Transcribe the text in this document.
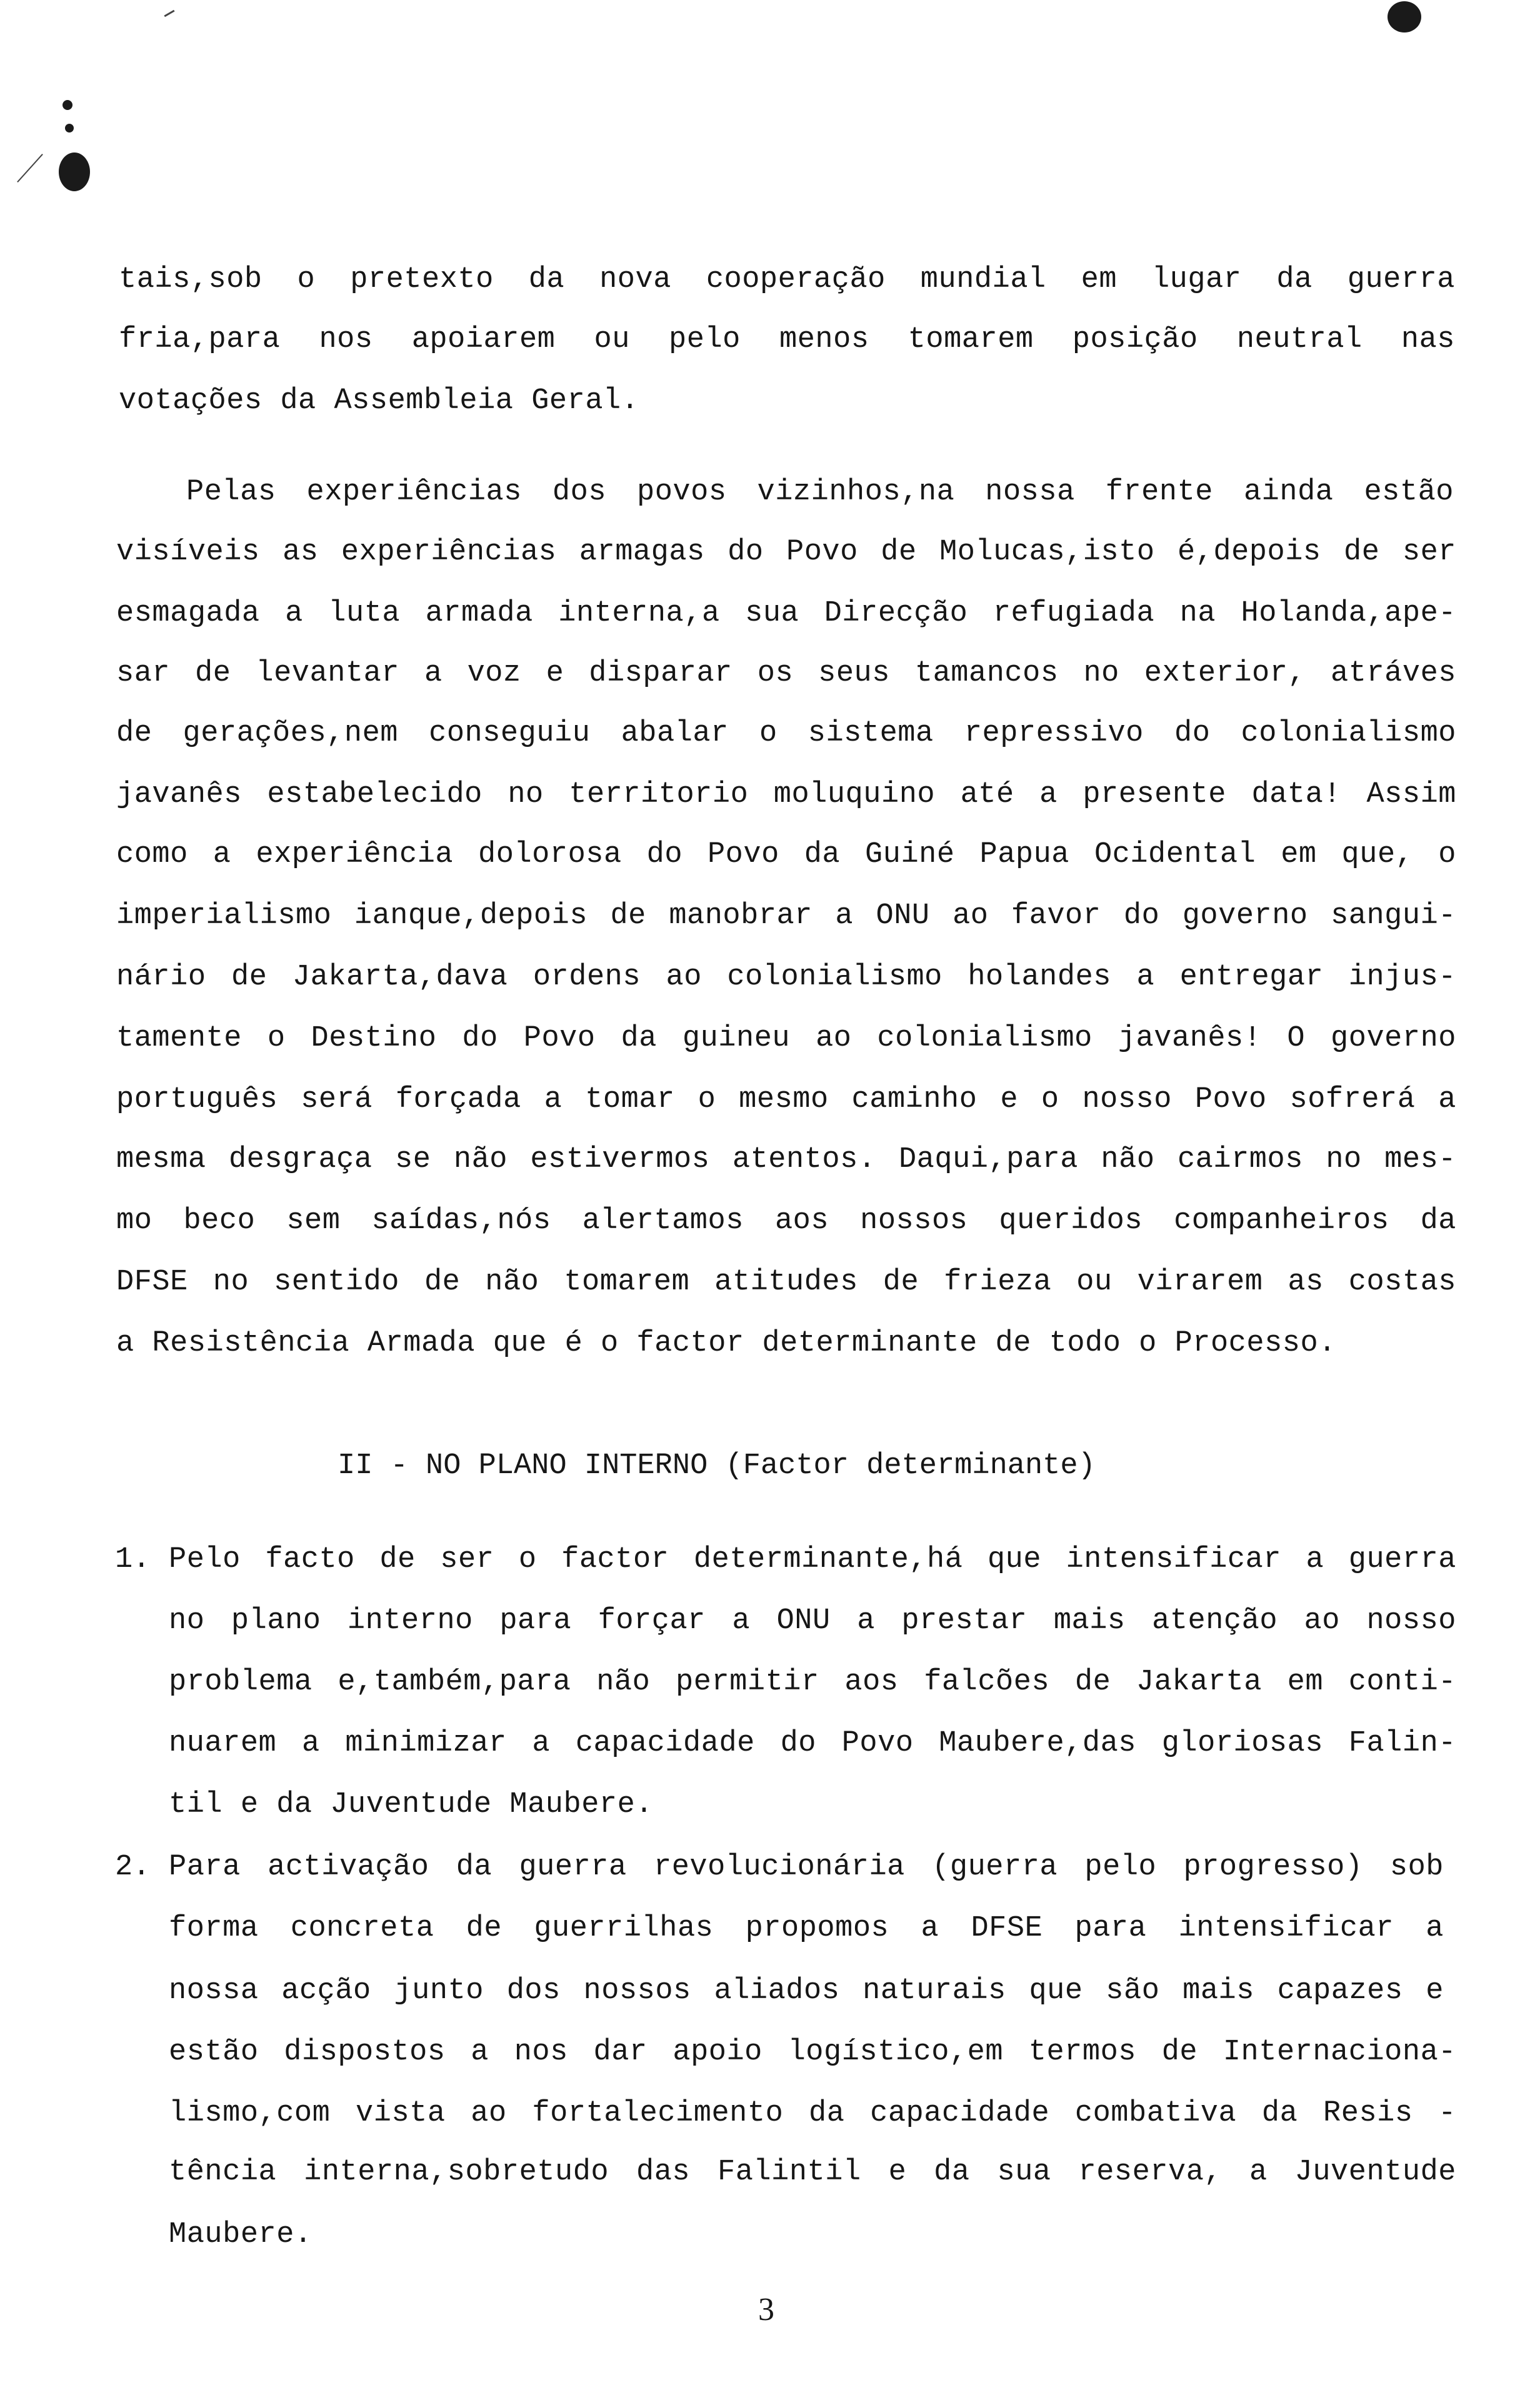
tais,sob o pretexto da nova cooperação mundial em lugar da guerra
fria,para nos apoiarem ou pelo menos tomarem posição neutral nas
votações da Assembleia Geral.
Pelas experiências dos povos vizinhos,na nossa frente ainda estão
visíveis as experiências armagas do Povo de Molucas,isto é,depois de ser
esmagada a luta armada interna,a sua Direcção refugiada na Holanda,ape-
sar de levantar a voz e disparar os seus tamancos no exterior, atráves
de gerações,nem conseguiu abalar o sistema repressivo do colonialismo
javanês estabelecido no territorio moluquino até a presente data! Assim
como a experiência dolorosa do Povo da Guiné Papua Ocidental em que, o
imperialismo ianque,depois de manobrar a ONU ao favor do governo sangui-
nário de Jakarta,dava ordens ao colonialismo holandes a entregar injus-
tamente o Destino do Povo da guineu ao colonialismo javanês! O governo
português será forçada a tomar o mesmo caminho e o nosso Povo sofrerá a
mesma desgraça se não estivermos atentos. Daqui,para não cairmos no mes-
mo beco sem saídas,nós alertamos aos nossos queridos companheiros da
DFSE no sentido de não tomarem atitudes de frieza ou virarem as costas
a Resistência Armada que é o factor determinante de todo o Processo.
II - NO PLANO INTERNO (Factor determinante)
1. Pelo facto de ser o factor determinante,há que intensificar a guerra
no plano interno para forçar a ONU a prestar mais atenção ao nosso
problema e,também,para não permitir aos falcões de Jakarta em conti-
nuarem a minimizar a capacidade do Povo Maubere,das gloriosas Falin-
til e da Juventude Maubere.
2. Para activação da guerra revolucionária (guerra pelo progresso) sob
forma concreta de guerrilhas propomos a DFSE para intensificar a
nossa acção junto dos nossos aliados naturais que são mais capazes e
estão dispostos a nos dar apoio logístico,em termos de Internaciona-
lismo,com vista ao fortalecimento da capacidade combativa da Resis -
tência interna,sobretudo das Falintil e da sua reserva, a Juventude
Maubere.
3
